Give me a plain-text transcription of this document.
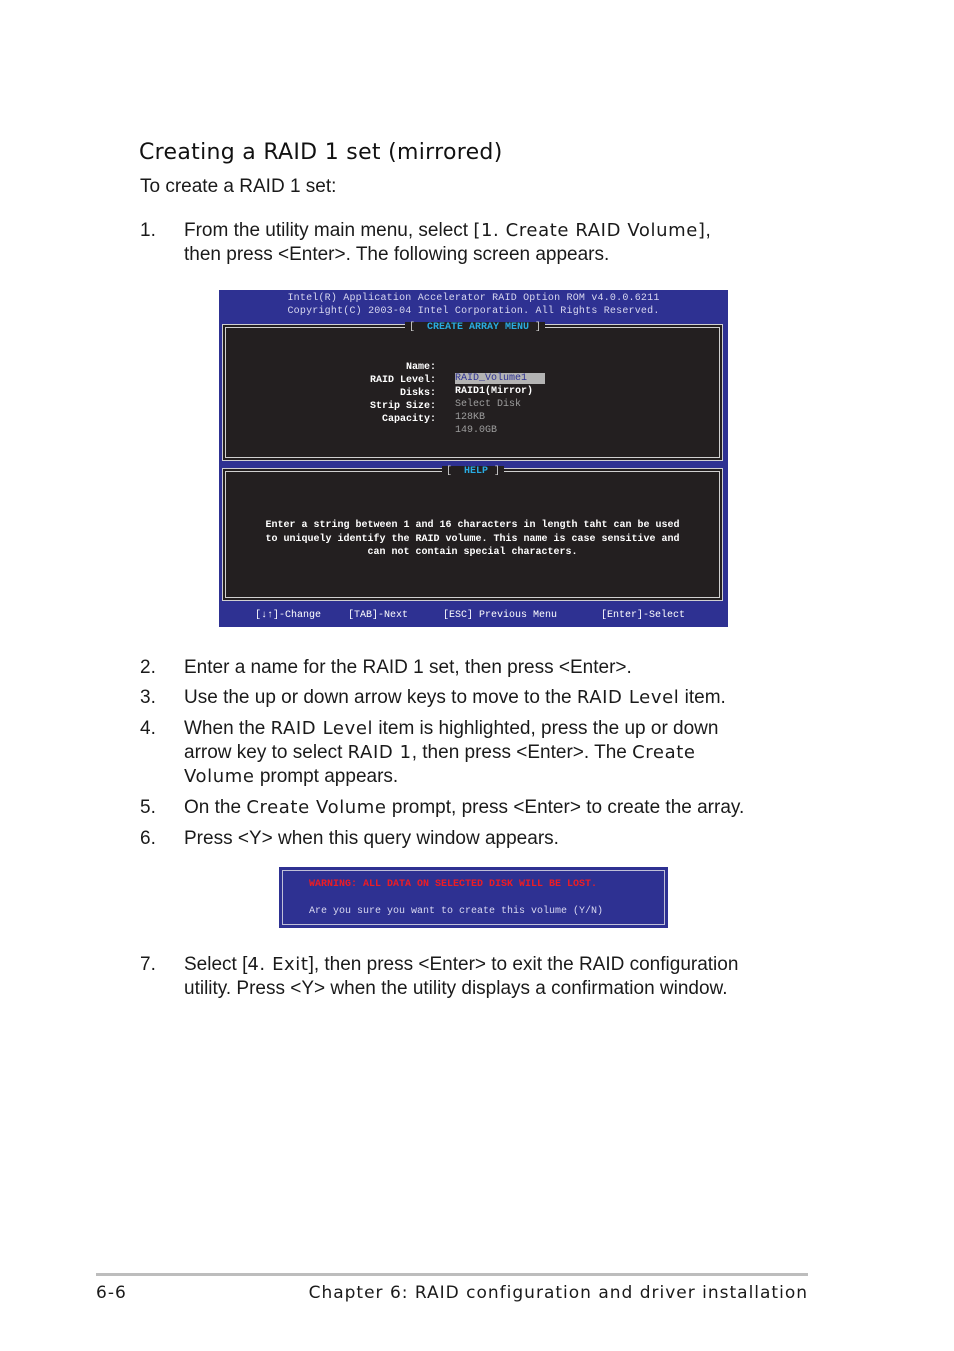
Creating a RAID 1 set (mirrored)
To create a RAID 1 set:
1. From the utility main menu, select [1. Create RAID Volume],
then press <Enter>. The following screen appears.
Intel(R) Application Accelerator RAID Option ROM v4.0.0.6211
Copyright(C) 2003-04 Intel Corporation. All Rights Reserved.
[  CREATE ARRAY MENU ]

Name:

RAID_Volume1

RAID Level:

RAID1(Mirror)

Disks:

Select Disk

Strip Size:

128KB

Capacity:

149.0GB

[  HELP ]
Enter a string between 1 and 16 characters in length taht can be used
to uniquely identify the RAID volume. This name is case sensitive and
can not contain special characters.
[↓↑]-Change	[TAB]-Next	[ESC] Previous Menu	[Enter]-Select
2. Enter a name for the RAID 1 set, then press <Enter>.
3. Use the up or down arrow keys to move to the RAID Level item.
4. When the RAID Level item is highlighted, press the up or down
arrow key to select RAID 1, then press <Enter>. The Create
Volume prompt appears.
5. On the Create Volume prompt, press <Enter> to create the array.
6. Press <Y> when this query window appears.
WARNING: ALL DATA ON SELECTED DISK WILL BE LOST.
Are you sure you want to create this volume (Y/N)
7. Select [4. Exit], then press <Enter> to exit the RAID configuration
utility. Press <Y> when the utility displays a confirmation window.
6-6	Chapter 6: RAID configuration and driver installation
